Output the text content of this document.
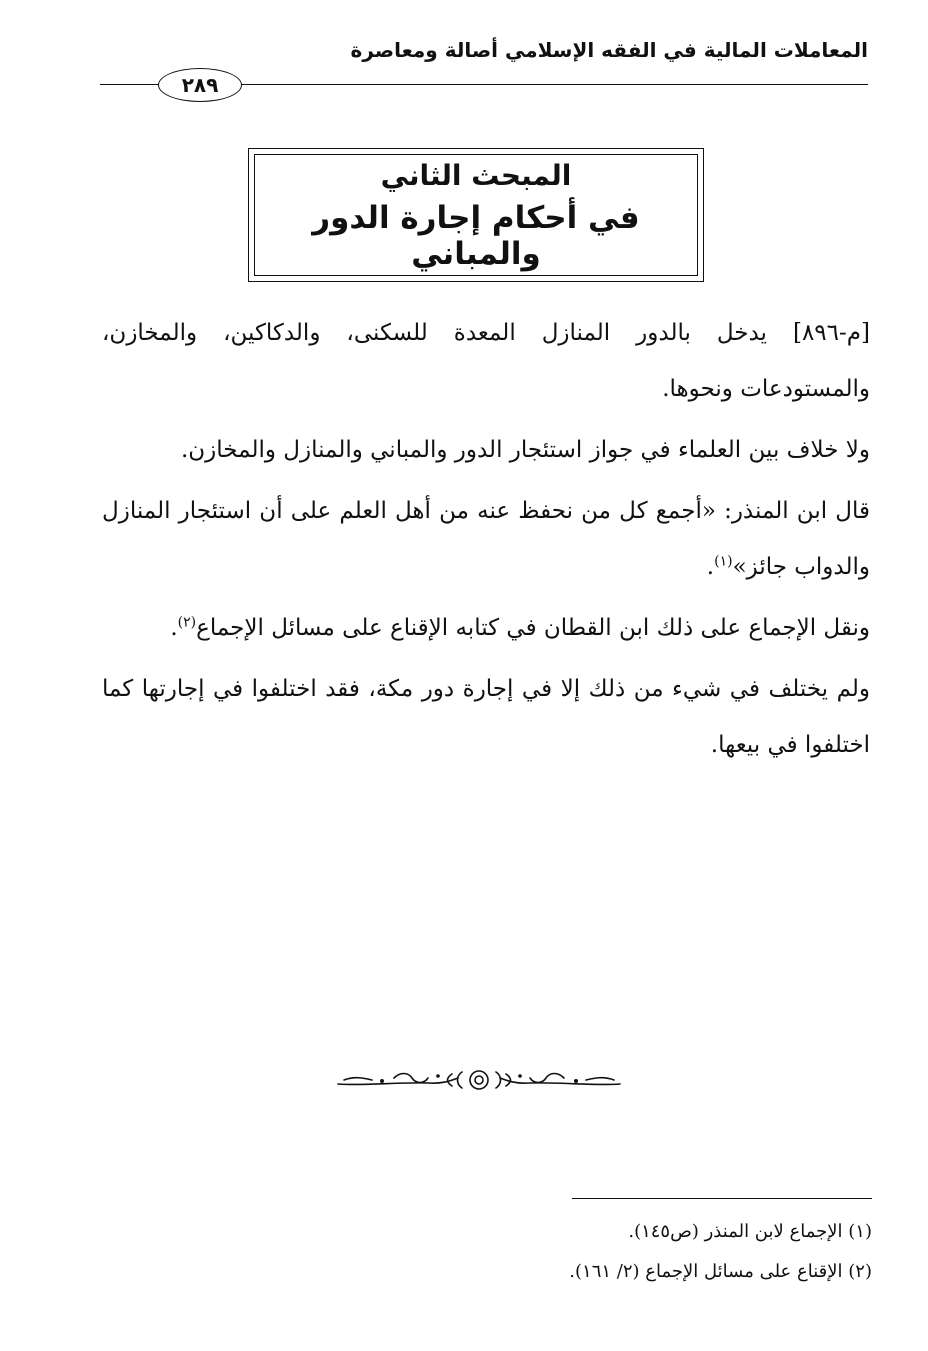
المعاملات المالية في الفقه الإسلامي أصالة ومعاصرة
٢٨٩
المبحث الثاني
في أحكام إجارة الدور والمباني

[م-٨٩٦] يدخل بالدور المنازل المعدة للسكنى، والدكاكين، والمخازن، والمستودعات ونحوها.

ولا خلاف بين العلماء في جواز استئجار الدور والمباني والمنازل والمخازن.

قال ابن المنذر: «أجمع كل من نحفظ عنه من أهل العلم على أن استئجار المنازل والدواب جائز»$^{(١)}$.

ونقل الإجماع على ذلك ابن القطان في كتابه الإقناع على مسائل الإجماع$^{(٢)}$.

ولم يختلف في شيء من ذلك إلا في إجارة دور مكة، فقد اختلفوا في إجارتها كما اختلفوا في بيعها.

(١) الإجماع لابن المنذر (ص١٤٥).
(٢) الإقناع على مسائل الإجماع (٢/ ١٦١).
